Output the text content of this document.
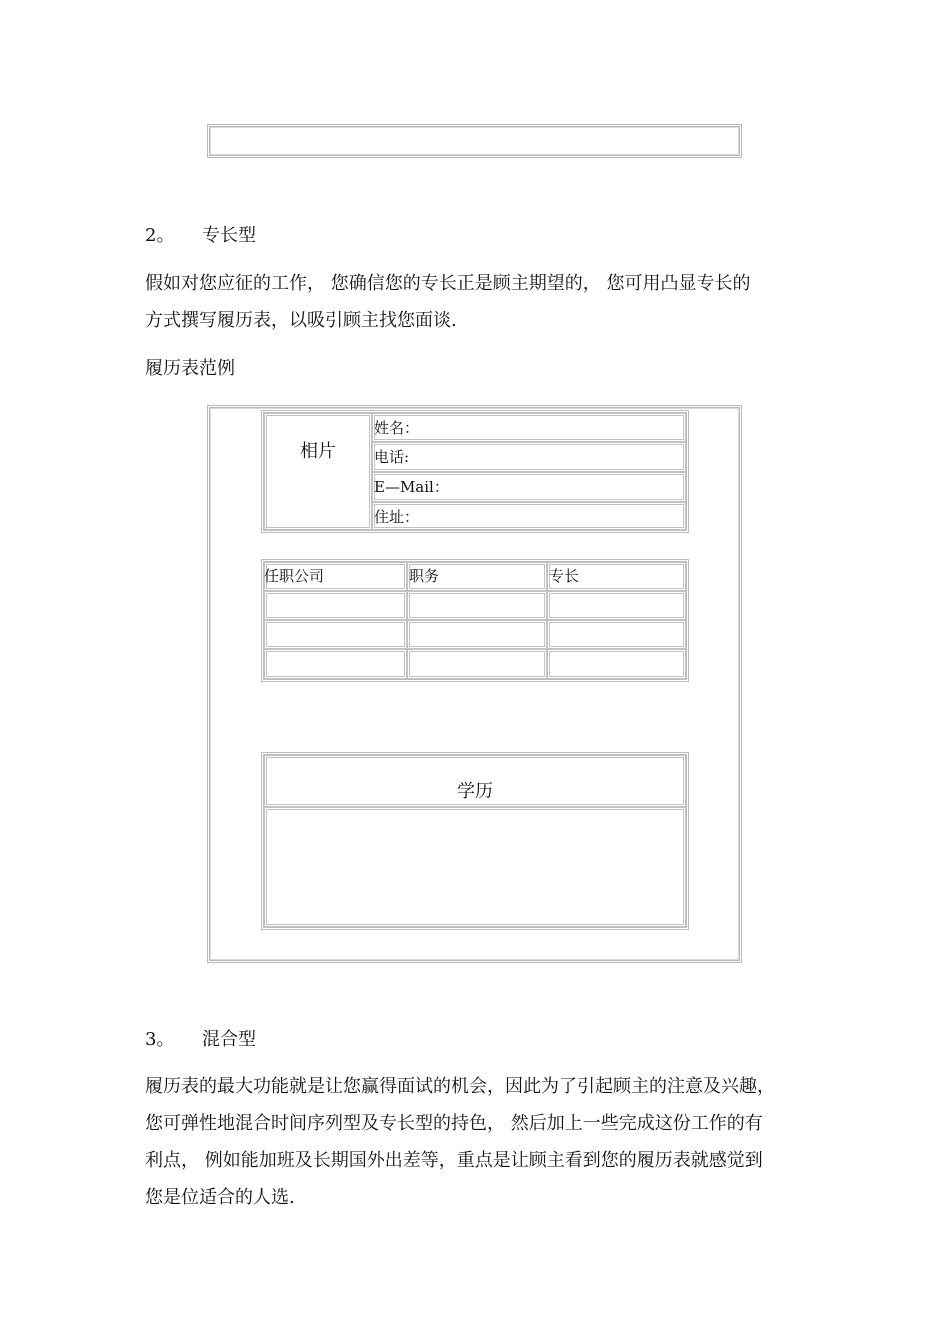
2。 专长型
假如对您应征的工作， 您确信您的专长正是顾主期望的， 您可用凸显专长的
方式撰写履历表，以吸引顾主找您面谈.
履历表范例
相片
姓名：
电话:
E—Mail：
住址：
任职公司	职务	专长
学历
3。 混合型
履历表的最大功能就是让您赢得面试的机会，因此为了引起顾主的注意及兴趣，
您可弹性地混合时间序列型及专长型的持色， 然后加上一些完成这份工作的有
利点， 例如能加班及长期国外出差等，重点是让顾主看到您的履历表就感觉到
您是位适合的人选.
